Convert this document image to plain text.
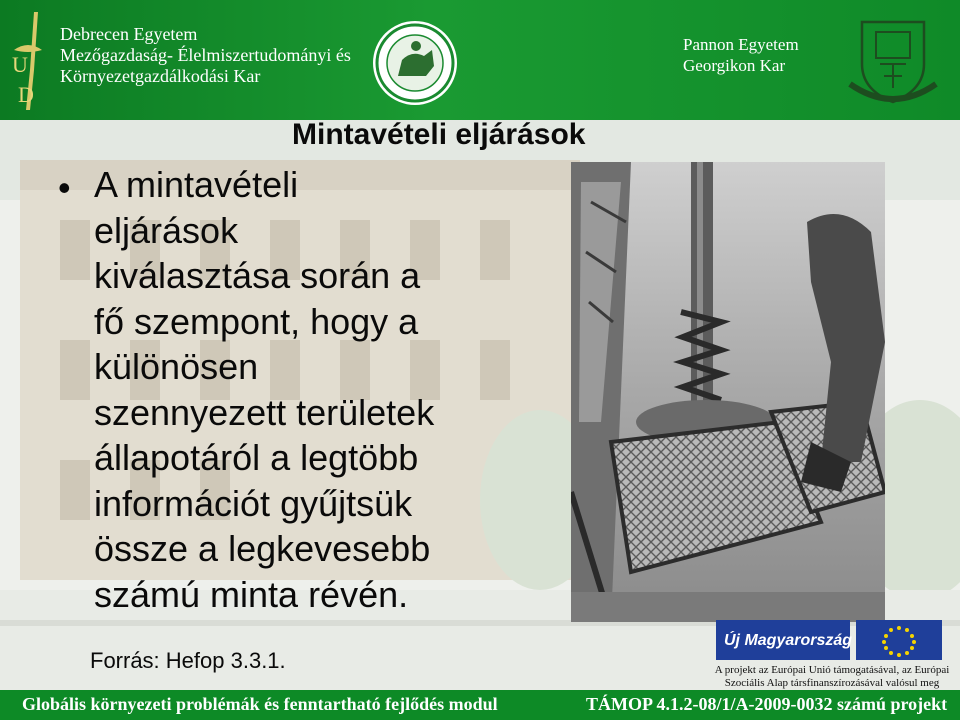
U
D
Debrecen Egyetem
Mezőgazdaság- Élelmiszertudományi és
Környezetgazdálkodási Kar
Pannon Egyetem
Georgikon Kar
Mintavételi eljárások
• A mintavételi
eljárások
kiválasztása során a
fő szempont, hogy a
különösen
szennyezett területek
állapotáról a legtöbb
információt gyűjtsük
össze a legkevesebb
számú minta révén.
Forrás: Hefop 3.3.1.
Új Magyarország
A projekt az Európai Unió támogatásával, az Európai
Szociális Alap társfinanszírozásával valósul meg
Globális környezeti problémák és fenntartható fejlődés modul	TÁMOP 4.1.2-08/1/A-2009-0032 számú projekt
